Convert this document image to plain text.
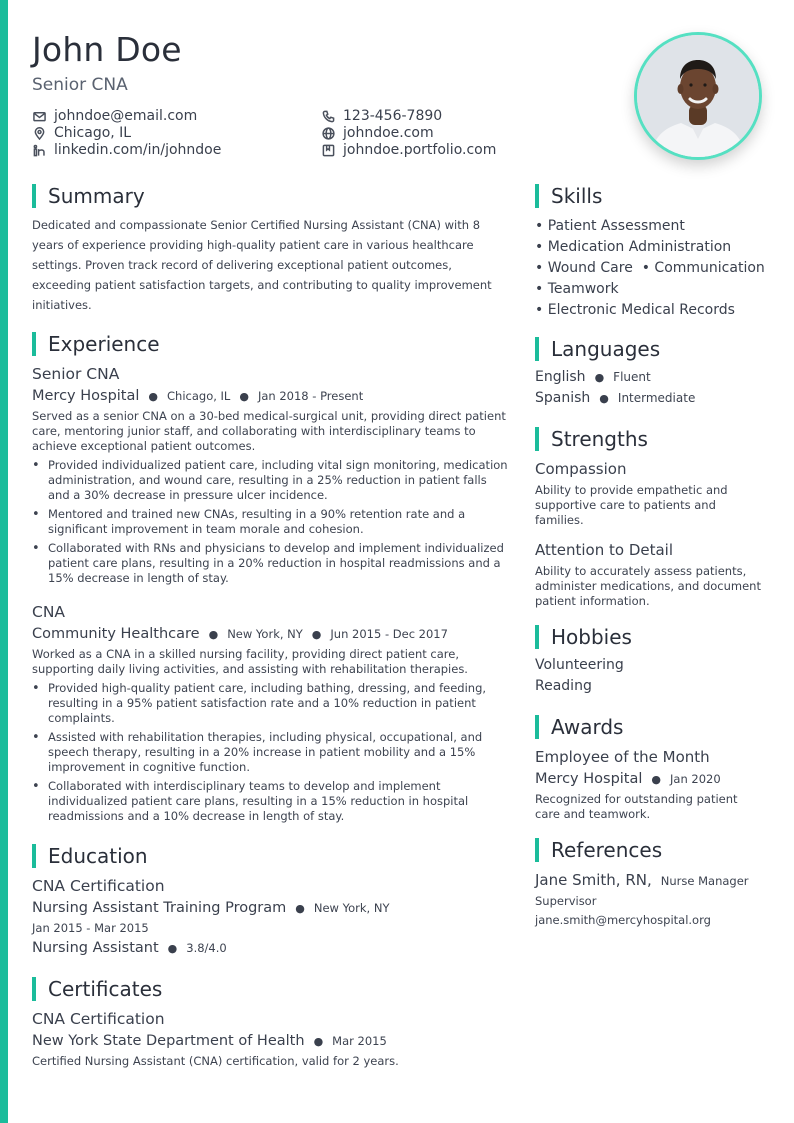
John Doe
Senior CNA
johndoe@email.com
Chicago, IL
linkedin.com/in/johndoe
123-456-7890
johndoe.com
johndoe.portfolio.com
Summary
Dedicated and compassionate Senior Certified Nursing Assistant (CNA) with 8 years of experience providing high-quality patient care in various healthcare settings. Proven track record of delivering exceptional patient outcomes, exceeding patient satisfaction targets, and contributing to quality improvement initiatives.
Experience
Senior CNA
Mercy Hospital ● Chicago, IL ● Jan 2018 - Present
Served as a senior CNA on a 30-bed medical-surgical unit, providing direct patient care, mentoring junior staff, and collaborating with interdisciplinary teams to achieve exceptional patient outcomes.
• Provided individualized patient care, including vital sign monitoring, medication administration, and wound care, resulting in a 25% reduction in patient falls and a 30% decrease in pressure ulcer incidence.
• Mentored and trained new CNAs, resulting in a 90% retention rate and a significant improvement in team morale and cohesion.
• Collaborated with RNs and physicians to develop and implement individualized patient care plans, resulting in a 20% reduction in hospital readmissions and a 15% decrease in length of stay.
CNA
Community Healthcare ● New York, NY ● Jun 2015 - Dec 2017
Worked as a CNA in a skilled nursing facility, providing direct patient care, supporting daily living activities, and assisting with rehabilitation therapies.
• Provided high-quality patient care, including bathing, dressing, and feeding, resulting in a 95% patient satisfaction rate and a 10% reduction in patient complaints.
• Assisted with rehabilitation therapies, including physical, occupational, and speech therapy, resulting in a 20% increase in patient mobility and a 15% improvement in cognitive function.
• Collaborated with interdisciplinary teams to develop and implement individualized patient care plans, resulting in a 15% reduction in hospital readmissions and a 10% decrease in length of stay.
Education
CNA Certification
Nursing Assistant Training Program ● New York, NY
Jan 2015 - Mar 2015
Nursing Assistant ● 3.8/4.0
Certificates
CNA Certification
New York State Department of Health ● Mar 2015
Certified Nursing Assistant (CNA) certification, valid for 2 years.
Skills
• Patient Assessment
• Medication Administration
• Wound Care  • Communication
• Teamwork
• Electronic Medical Records
Languages
English ● Fluent
Spanish ● Intermediate
Strengths
Compassion
Ability to provide empathetic and supportive care to patients and families.
Attention to Detail
Ability to accurately assess patients, administer medications, and document patient information.
Hobbies
Volunteering
Reading
Awards
Employee of the Month
Mercy Hospital ● Jan 2020
Recognized for outstanding patient care and teamwork.
References
Jane Smith, RN, Nurse Manager
Supervisor
jane.smith@mercyhospital.org
